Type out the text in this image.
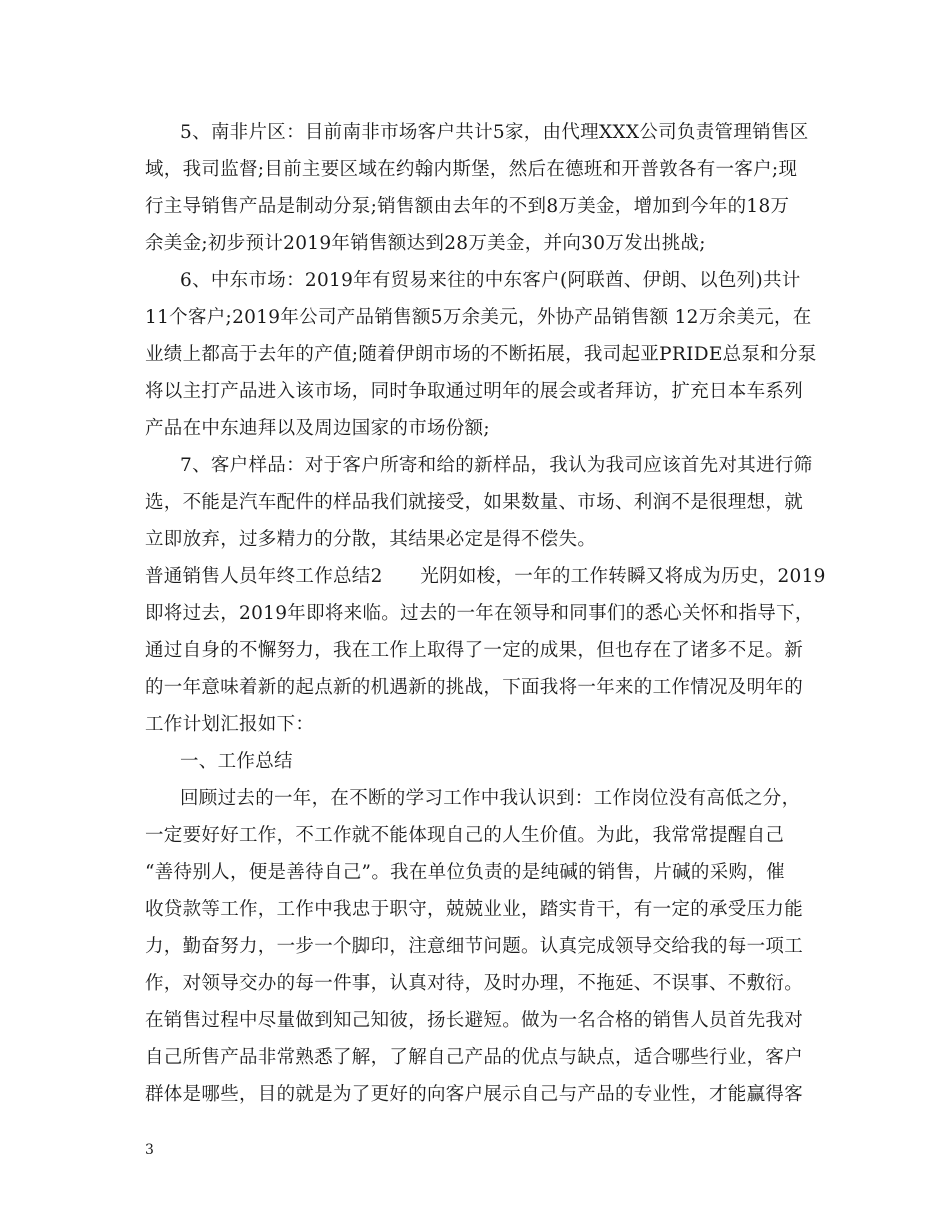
5、南非片区：目前南非市场客户共计5家，由代理XXX公司负责管理销售区
域，我司监督;目前主要区域在约翰内斯堡，然后在德班和开普敦各有一客户;现
行主导销售产品是制动分泵;销售额由去年的不到8万美金，增加到今年的18万
余美金;初步预计2019年销售额达到28万美金，并向30万发出挑战;
6、中东市场：2019年有贸易来往的中东客户(阿联酋、伊朗、以色列)共计
11个客户;2019年公司产品销售额5万余美元，外协产品销售额 12万余美元，在
业绩上都高于去年的产值;随着伊朗市场的不断拓展，我司起亚PRIDE总泵和分泵
将以主打产品进入该市场，同时争取通过明年的展会或者拜访，扩充日本车系列
产品在中东迪拜以及周边国家的市场份额;
7、客户样品：对于客户所寄和给的新样品，我认为我司应该首先对其进行筛
选，不能是汽车配件的样品我们就接受，如果数量、市场、利润不是很理想，就
立即放弃，过多精力的分散，其结果必定是得不偿失。
普通销售人员年终工作总结2　　光阴如梭，一年的工作转瞬又将成为历史，2019
即将过去，2019年即将来临。过去的一年在领导和同事们的悉心关怀和指导下，
通过自身的不懈努力，我在工作上取得了一定的成果，但也存在了诸多不足。新
的一年意味着新的起点新的机遇新的挑战，下面我将一年来的工作情况及明年的
工作计划汇报如下：
一、工作总结
回顾过去的一年，在不断的学习工作中我认识到：工作岗位没有高低之分，
一定要好好工作，不工作就不能体现自己的人生价值。为此，我常常提醒自己
“善待别人，便是善待自己”。我在单位负责的是纯碱的销售，片碱的采购，催
收贷款等工作，工作中我忠于职守，兢兢业业，踏实肯干，有一定的承受压力能
力，勤奋努力，一步一个脚印，注意细节问题。认真完成领导交给我的每一项工
作，对领导交办的每一件事，认真对待，及时办理，不拖延、不误事、不敷衍。
在销售过程中尽量做到知己知彼，扬长避短。做为一名合格的销售人员首先我对
自己所售产品非常熟悉了解，了解自己产品的优点与缺点，适合哪些行业，客户
群体是哪些，目的就是为了更好的向客户展示自己与产品的专业性，才能赢得客
3
